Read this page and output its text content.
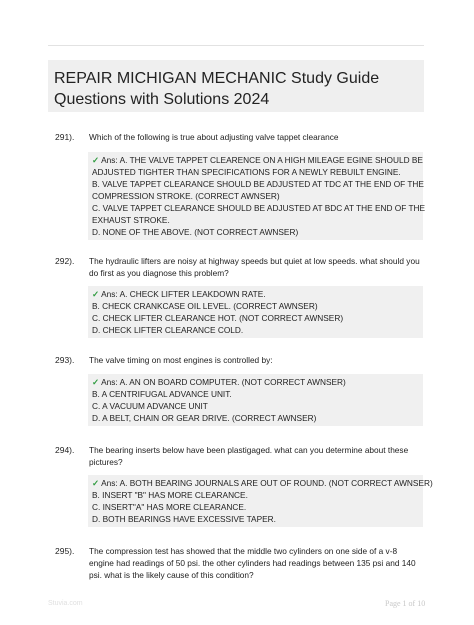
REPAIR MICHIGAN MECHANIC Study Guide
Questions with Solutions 2024
291). Which of the following is true about adjusting valve tappet clearance
✓ Ans: A. THE VALVE TAPPET CLEARENCE ON A HIGH MILEAGE EGINE SHOULD BE
ADJUSTED TIGHTER THAN SPECIFICATIONS FOR A NEWLY REBUILT ENGINE.
B. VALVE TAPPET CLEARANCE SHOULD BE ADJUSTED AT TDC AT THE END OF THE
COMPRESSION STROKE. (CORRECT AWNSER)
C. VALVE TAPPET CLEARANCE SHOULD BE ADJUSTED AT BDC AT THE END OF THE
EXHAUST STROKE.
D. NONE OF THE ABOVE. (NOT CORRECT AWNSER)
292). The hydraulic lifters are noisy at highway speeds but quiet at low speeds. what should you do first as you diagnose this problem?
✓ Ans: A. CHECK LIFTER LEAKDOWN RATE.
B. CHECK CRANKCASE OIL LEVEL. (CORRECT AWNSER)
C. CHECK LIFTER CLEARANCE HOT. (NOT CORRECT AWNSER)
D. CHECK LIFTER CLEARANCE COLD.
293). The valve timing on most engines is controlled by:
✓ Ans: A. AN ON BOARD COMPUTER. (NOT CORRECT AWNSER)
B. A CENTRIFUGAL ADVANCE UNIT.
C. A VACUUM ADVANCE UNIT
D. A BELT, CHAIN OR GEAR DRIVE. (CORRECT AWNSER)
294). The bearing inserts below have been plastigaged. what can you determine about these pictures?
✓ Ans: A. BOTH BEARING JOURNALS ARE OUT OF ROUND. (NOT CORRECT AWNSER)
B. INSERT "B" HAS MORE CLEARANCE.
C. INSERT"A" HAS MORE CLEARANCE.
D. BOTH BEARINGS HAVE EXCESSIVE TAPER.
295). The compression test has showed that the middle two cylinders on one side of a v-8 engine had readings of 50 psi. the other cylinders had readings between 135 psi and 140 psi. what is the likely cause of this condition?
Stuvia.com	Page 1 of 10
